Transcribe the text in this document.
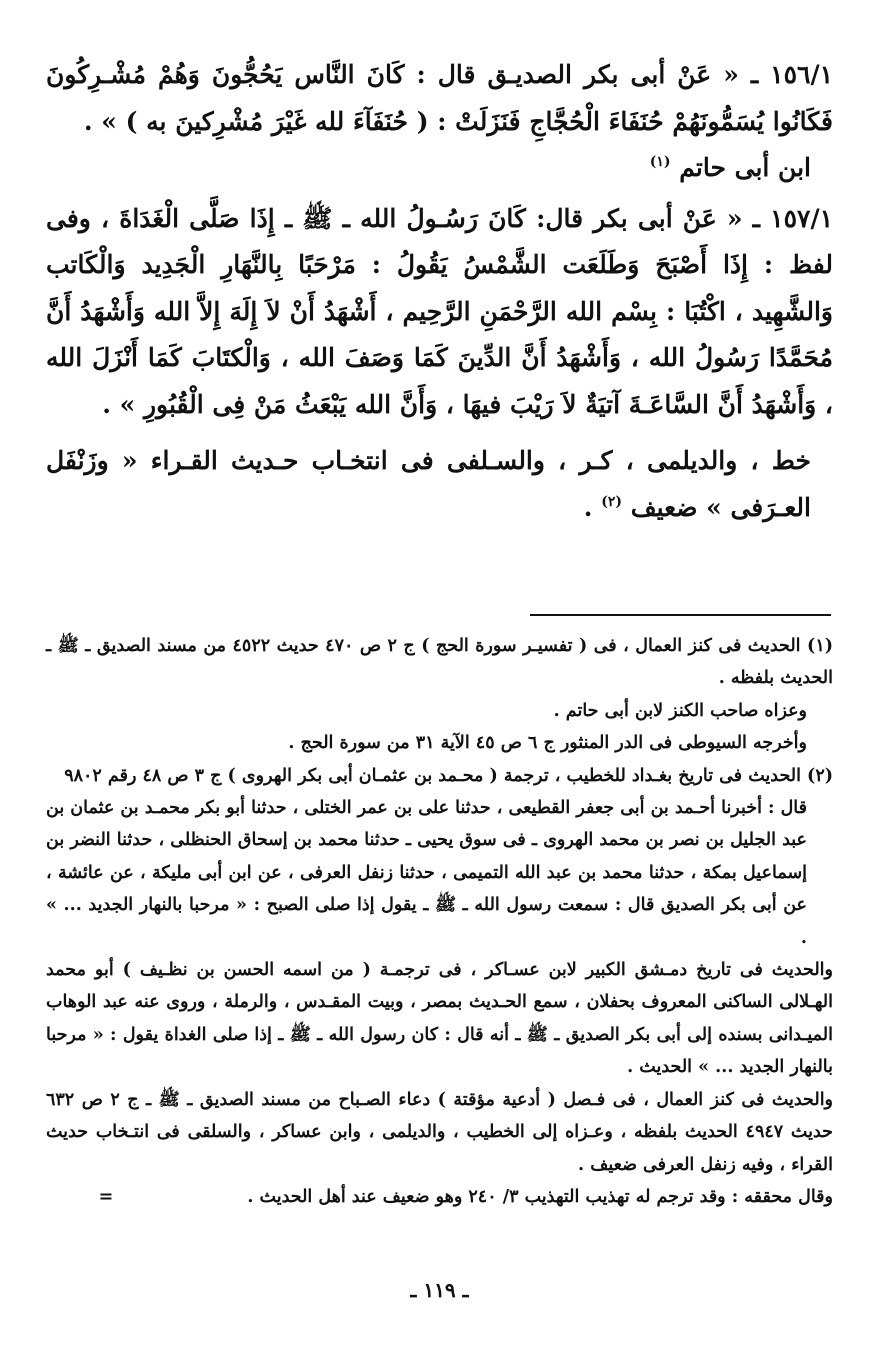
١٥٦/١ ـ « عَنْ أبى بكر الصديـق قال : كَانَ النَّاس يَحُجُّونَ وَهُمْ مُشْـرِكُونَ فَكَانُوا يُسَمُّونَهُمْ حُنَفَاءَ الْحُجَّاجِ فَنَزَلَتْ : ( حُنَفَآءَ لله غَيْرَ مُشْرِكينَ به ) » .

ابن أبى حاتم $^{(١)}$

١٥٧/١ ـ « عَنْ أبى بكر قال: كَانَ رَسُـولُ الله ـ ﷺ ـ إِذَا صَلَّى الْغَدَاةَ ، وفى لفظ : إِذَا أَصْبَحَ وَطَلَعَت الشَّمْسُ يَقُولُ : مَرْحَبًا بِالنَّهَارِ الْجَدِيد وَالْكَاتب وَالشَّهِيد ، اكْتُبَا : بِسْم الله الرَّحْمَنِ الرَّحِيم ، أَشْهَدُ أَنْ لاَ إِلَهَ إِلاَّ الله وَأَشْهَدُ أَنَّ مُحَمَّدًا رَسُولُ الله ، وَأَشْهَدُ أَنَّ الدِّينَ كَمَا وَصَفَ الله ، وَالْكتَابَ كَمَا أَنْزَلَ الله ، وَأَشْهَدُ أَنَّ السَّاعَـةَ آتيَةٌ لاَ رَيْبَ فيهَا ، وَأَنَّ الله يَبْعَثُ مَنْ فِى الْقُبُورِ » .

خط ، والديلمى ، كـر ، والسـلفى فى انتخـاب حـديث القـراء « وزَنْفَل العـرَفى » ضعيف $^{(٢)}$ .

(١) الحديث فى كنز العمال ، فى ( تفسيـر سورة الحج ) ج ٢ ص ٤٧٠ حديث ٤٥٢٢ من مسند الصديق ـ ﷺ ـ الحديث بلفظه .

وعزاه صاحب الكنز لابن أبى حاتم .

وأخرجه السيوطى فى الدر المنثور ج ٦ ص ٤٥ الآية ٣١ من سورة الحج .

(٢) الحديث فى تاريخ بغـداد للخطيب ، ترجمة ( محـمد بن عثمـان أبى بكر الهروى ) ج ٣ ص ٤٨ رقم ٩٨٠٢

قال : أخبرنا أحـمد بن أبى جعفر القطيعى ، حدثنا على بن عمر الختلى ، حدثنا أبو بكر محمـد بن عثمان بن عبد الجليل بن نصر بن محمد الهروى ـ فى سوق يحيى ـ حدثنا محمد بن إسحاق الحنظلى ، حدثنا النضر بن إسماعيل بمكة ، حدثنا محمد بن عبد الله التميمى ، حدثنا زنفل العرفى ، عن ابن أبى مليكة ، عن عائشة ، عن أبى بكر الصديق قال : سمعت رسول الله ـ ﷺ ـ يقول إذا صلى الصبح : « مرحبا بالنهار الجديد ... » .

والحديث فى تاريخ دمـشق الكبير لابن عسـاكر ، فى ترجمـة ( من اسمه الحسن بن نظـيف ) أبو محمد الهـلالى الساكنى المعروف بحفلان ، سمع الحـديث بمصر ، وبيت المقـدس ، والرملة ، وروى عنه عبد الوهاب الميـدانى بسنده إلى أبى بكر الصديق ـ ﷺ ـ أنه قال : كان رسول الله ـ ﷺ ـ إذا صلى الغداة يقول : « مرحبا بالنهار الجديد ... » الحديث .

والحديث فى كنز العمال ، فى فـصل ( أدعية مؤقتة ) دعاء الصـباح من مسند الصديق ـ ﷺ ـ ج ٢ ص ٦٣٢ حديث ٤٩٤٧ الحديث بلفظه ، وعـزاه إلى الخطيب ، والديلمى ، وابن عساكر ، والسلقى فى انتـخاب حديث القراء ، وفيه زنفل العرفى ضعيف .

وقال محققه : وقد ترجم له تهذيب التهذيب ٣/ ٢٤٠ وهو ضعيف عند أهل الحديث .                      =

ـ ١١٩ ـ
